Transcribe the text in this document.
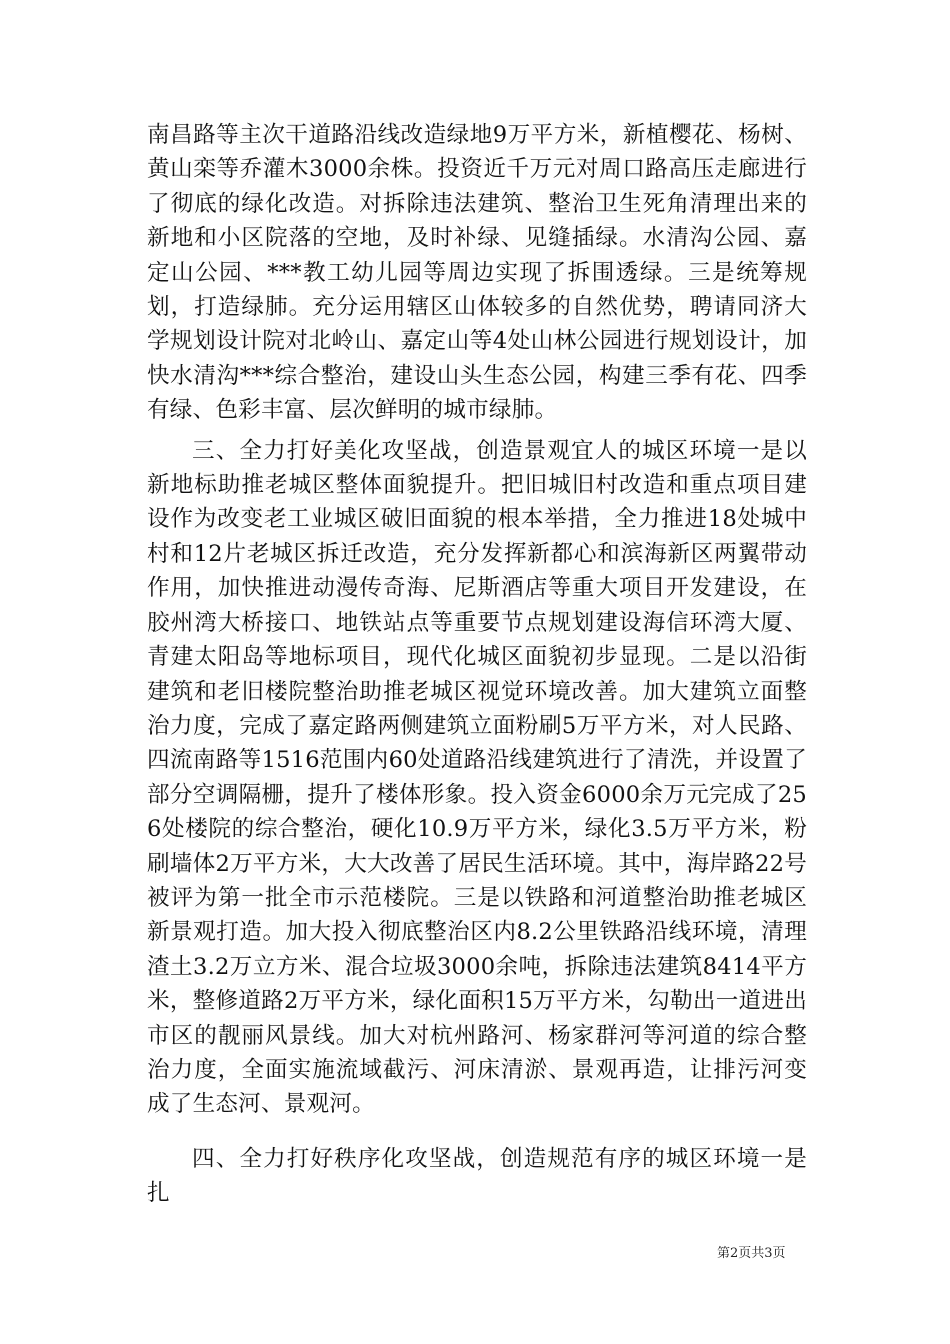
南昌路等主次干道路沿线改造绿地9万平方米，新植樱花、杨树、黄山栾等乔灌木3000余株。投资近千万元对周口路高压走廊进行了彻底的绿化改造。对拆除违法建筑、整治卫生死角清理出来的新地和小区院落的空地，及时补绿、见缝插绿。水清沟公园、嘉定山公园、***教工幼儿园等周边实现了拆围透绿。三是统筹规划，打造绿肺。充分运用辖区山体较多的自然优势，聘请同济大学规划设计院对北岭山、嘉定山等4处山林公园进行规划设计，加快水清沟***综合整治，建设山头生态公园，构建三季有花、四季有绿、色彩丰富、层次鲜明的城市绿肺。

三、全力打好美化攻坚战，创造景观宜人的城区环境一是以新地标助推老城区整体面貌提升。把旧城旧村改造和重点项目建设作为改变老工业城区破旧面貌的根本举措，全力推进18处城中村和12片老城区拆迁改造，充分发挥新都心和滨海新区两翼带动作用，加快推进动漫传奇海、尼斯酒店等重大项目开发建设，在胶州湾大桥接口、地铁站点等重要节点规划建设海信环湾大厦、青建太阳岛等地标项目，现代化城区面貌初步显现。二是以沿街建筑和老旧楼院整治助推老城区视觉环境改善。加大建筑立面整治力度，完成了嘉定路两侧建筑立面粉刷5万平方米，对人民路、四流南路等1516范围内60处道路沿线建筑进行了清洗，并设置了部分空调隔栅，提升了楼体形象。投入资金6000余万元完成了256处楼院的综合整治，硬化10.9万平方米，绿化3.5万平方米，粉刷墙体2万平方米，大大改善了居民生活环境。其中，海岸路22号被评为第一批全市示范楼院。三是以铁路和河道整治助推老城区新景观打造。加大投入彻底整治区内8.2公里铁路沿线环境，清理渣土3.2万立方米、混合垃圾3000余吨，拆除违法建筑8414平方米，整修道路2万平方米，绿化面积15万平方米，勾勒出一道进出市区的靓丽风景线。加大对杭州路河、杨家群河等河道的综合整治力度，全面实施流域截污、河床清淤、景观再造，让排污河变成了生态河、景观河。

四、全力打好秩序化攻坚战，创造规范有序的城区环境一是扎

第2页共3页
